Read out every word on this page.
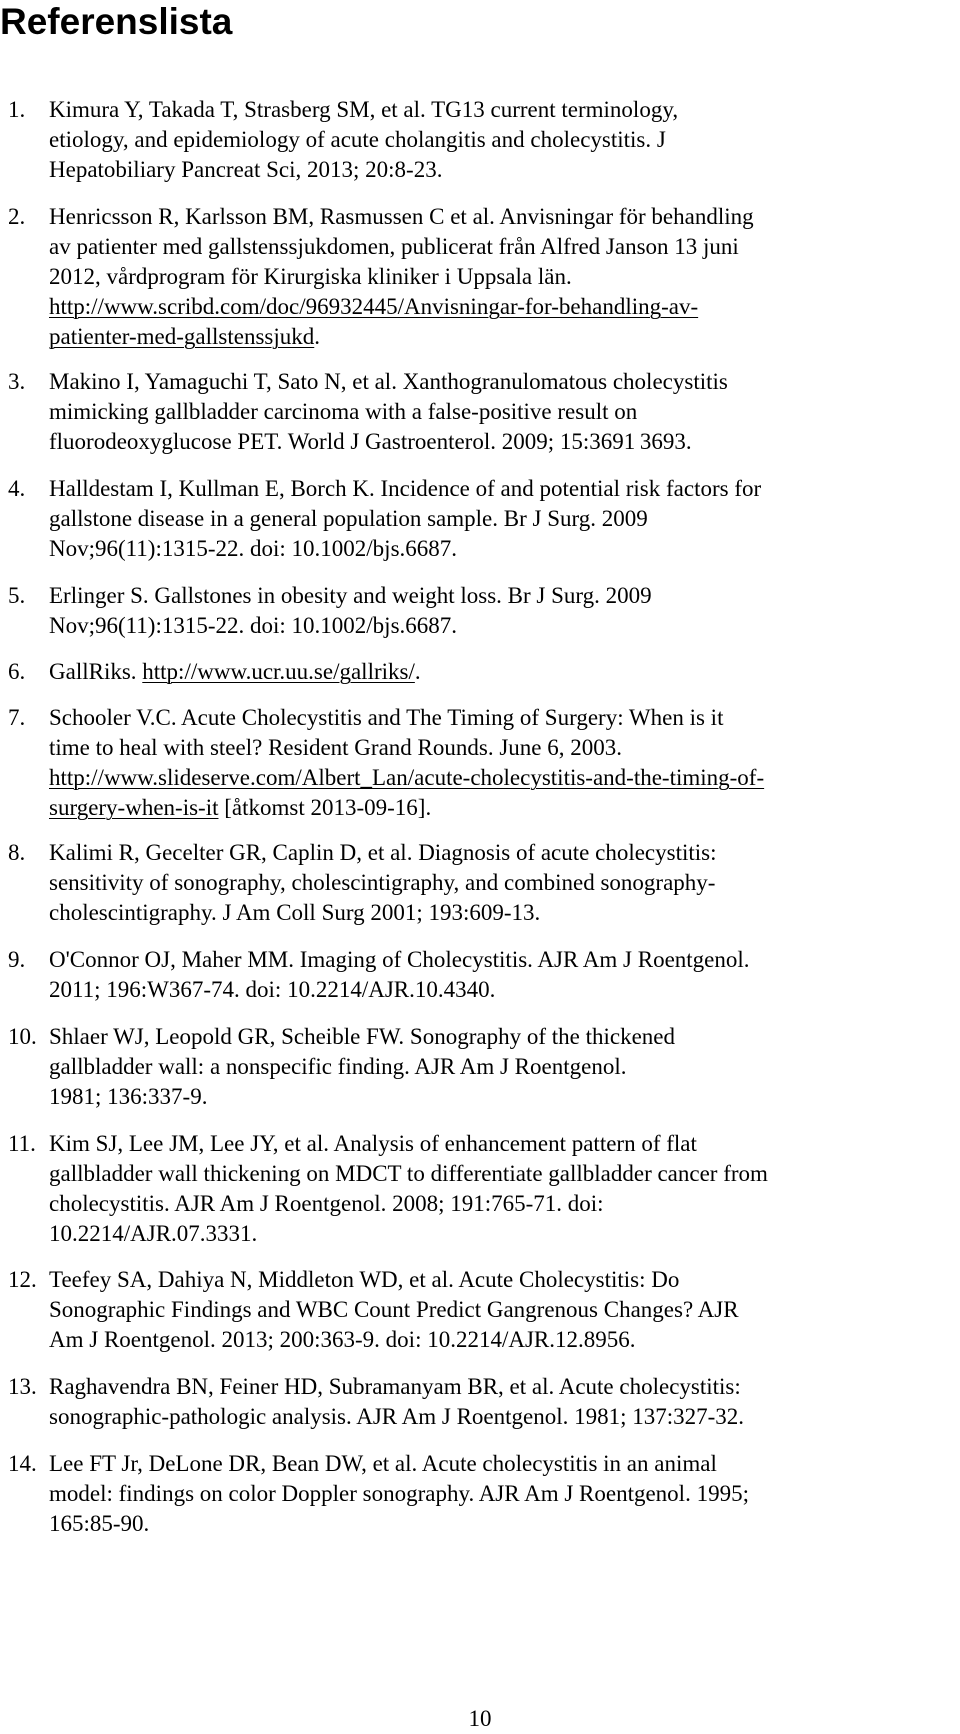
Referenslista
1. Kimura Y, Takada T, Strasberg SM, et al. TG13 current terminology,
etiology, and epidemiology of acute cholangitis and cholecystitis. J
Hepatobiliary Pancreat Sci, 2013; 20:8-23.
2. Henricsson R, Karlsson BM, Rasmussen C et al. Anvisningar för behandling
av patienter med gallstenssjukdomen, publicerat från Alfred Janson 13 juni
2012, vårdprogram för Kirurgiska kliniker i Uppsala län.
http://www.scribd.com/doc/96932445/Anvisningar-for-behandling-av-
patienter-med-gallstenssjukd.
3. Makino I, Yamaguchi T, Sato N, et al. Xanthogranulomatous cholecystitis
mimicking gallbladder carcinoma with a false-positive result on
fluorodeoxyglucose PET. World J Gastroenterol. 2009; 15:3691 3693.
4. Halldestam I, Kullman E, Borch K. Incidence of and potential risk factors for
gallstone disease in a general population sample. Br J Surg. 2009
Nov;96(11):1315-22. doi: 10.1002/bjs.6687.
5. Erlinger S. Gallstones in obesity and weight loss. Br J Surg. 2009
Nov;96(11):1315-22. doi: 10.1002/bjs.6687.
6. GallRiks. http://www.ucr.uu.se/gallriks/.
7. Schooler V.C. Acute Cholecystitis and The Timing of Surgery: When is it
time to heal with steel? Resident Grand Rounds. June 6, 2003.
http://www.slideserve.com/Albert_Lan/acute-cholecystitis-and-the-timing-of-
surgery-when-is-it [åtkomst 2013-09-16].
8. Kalimi R, Gecelter GR, Caplin D, et al. Diagnosis of acute cholecystitis:
sensitivity of sonography, cholescintigraphy, and combined sonography-
cholescintigraphy. J Am Coll Surg 2001; 193:609-13.
9. O'Connor OJ, Maher MM. Imaging of Cholecystitis. AJR Am J Roentgenol.
2011; 196:W367-74. doi: 10.2214/AJR.10.4340.
10. Shlaer WJ, Leopold GR, Scheible FW. Sonography of the thickened
gallbladder wall: a nonspecific finding. AJR Am J Roentgenol.
1981; 136:337-9.
11. Kim SJ, Lee JM, Lee JY, et al. Analysis of enhancement pattern of flat
gallbladder wall thickening on MDCT to differentiate gallbladder cancer from
cholecystitis. AJR Am J Roentgenol. 2008; 191:765-71. doi:
10.2214/AJR.07.3331.
12. Teefey SA, Dahiya N, Middleton WD, et al. Acute Cholecystitis: Do
Sonographic Findings and WBC Count Predict Gangrenous Changes? AJR
Am J Roentgenol. 2013; 200:363-9. doi: 10.2214/AJR.12.8956.
13. Raghavendra BN, Feiner HD, Subramanyam BR, et al. Acute cholecystitis:
sonographic-pathologic analysis. AJR Am J Roentgenol. 1981; 137:327-32.
14. Lee FT Jr, DeLone DR, Bean DW, et al. Acute cholecystitis in an animal
model: findings on color Doppler sonography. AJR Am J Roentgenol. 1995;
165:85-90.
10
